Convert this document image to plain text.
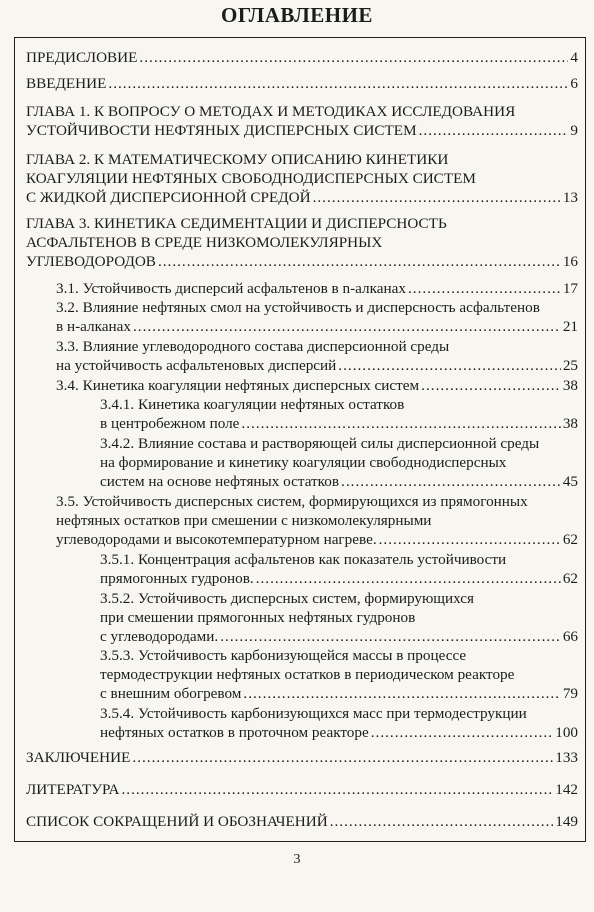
ОГЛАВЛЕНИЕ
ПРЕДИСЛОВИЕ .....	4
ВВЕДЕНИЕ .....	6
ГЛАВА 1. К ВОПРОСУ О МЕТОДАХ И МЕТОДИКАХ ИССЛЕДОВАНИЯ
УСТОЙЧИВОСТИ НЕФТЯНЫХ ДИСПЕРСНЫХ СИСТЕМ .....	9
ГЛАВА 2. К МАТЕМАТИЧЕСКОМУ ОПИСАНИЮ КИНЕТИКИ
КОАГУЛЯЦИИ НЕФТЯНЫХ СВОБОДНОДИСПЕРСНЫХ СИСТЕМ
С ЖИДКОЙ ДИСПЕРСИОННОЙ СРЕДОЙ .....	13
ГЛАВА 3. КИНЕТИКА СЕДИМЕНТАЦИИ И ДИСПЕРСНОСТЬ
АСФАЛЬТЕНОВ В СРЕДЕ НИЗКОМОЛЕКУЛЯРНЫХ
УГЛЕВОДОРОДОВ .....	16
3.1. Устойчивость дисперсий асфальтенов в n-алканах .....	17
3.2. Влияние нефтяных смол на устойчивость и дисперсность асфальтенов
в н-алканах .....	21
3.3. Влияние углеводородного состава дисперсионной среды
на устойчивость асфальтеновых дисперсий .....	25
3.4. Кинетика коагуляции нефтяных дисперсных систем .....	38
3.4.1. Кинетика коагуляции нефтяных остатков
в центробежном поле .....	38
3.4.2. Влияние состава и растворяющей силы дисперсионной среды
на формирование и кинетику коагуляции свободнодисперсных
систем на основе нефтяных остатков .....	45
3.5. Устойчивость дисперсных систем, формирующихся из прямогонных
нефтяных остатков при смешении с низкомолекулярными
углеводородами и высокотемпературном нагреве. .....	62
3.5.1. Концентрация асфальтенов как показатель устойчивости
прямогонных гудронов. .....	62
3.5.2. Устойчивость дисперсных систем, формирующихся
при смешении прямогонных нефтяных гудронов
с углеводородами. .....	66
3.5.3. Устойчивость карбонизующейся массы в процессе
термодеструкции нефтяных остатков в периодическом реакторе
с внешним обогревом .....	79
3.5.4. Устойчивость карбонизующихся масс при термодеструкции
нефтяных остатков в проточном реакторе .....	100
ЗАКЛЮЧЕНИЕ .....	133
ЛИТЕРАТУРА .....	142
СПИСОК СОКРАЩЕНИЙ И ОБОЗНАЧЕНИЙ .....	149
3
